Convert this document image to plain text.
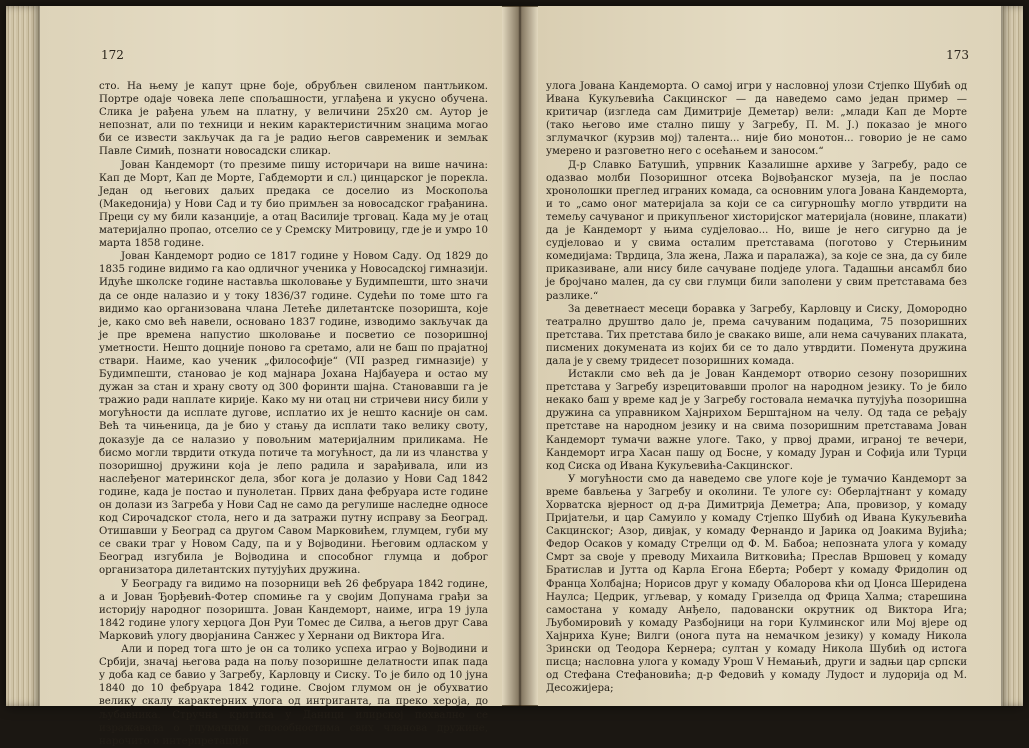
172

сто. На њему је капут црне боје, обрубљен свиленом пантљиком. Портре одаје човека лепе спољашности, углађена и укусно обучена. Слика је рађена уљем на платну, у величини 25x20 см. Аутор је непознат, али по техници и неким карактеристичним знацима могао би се извести закључак да га је радио његов савременик и земљак Павле Симић, познати новосадски сликар.

Јован Кандеморт (то презиме пишу историчари на више начина: Кап де Морт, Кап де Морте, Габдеморти и сл.) цинцарског је порекла. Један од његових даљих предака се доселио из Москопоља (Македонија) у Нови Сад и ту био примљен за новосадског грађанина. Преци су му били казанџије, а отац Василије трговац. Када му је отац материјално пропао, отселио се у Сремску Митровицу, где је и умро 10 марта 1858 године.

Јован Кандеморт родио се 1817 године у Новом Саду. Од 1829 до 1835 године видимо га као одличног ученика у Новосадској гимназији. Идуће школске године наставља школовање у Будимпешти, што значи да се онде налазио и у току 1836/37 године. Судећи по томе што га видимо као организована члана Летеће дилетантске позоришта, које је, како смо већ навели, основано 1837 године, изводимо закључак да је пре времена напустио школовање и посветио се позоришној уметности. Нешто доцније поново га сретамо, али не баш по прајатној ствари. Наиме, као ученик „философије“ (VII разред гимназије) у Будимпешти, становао је код мајнара Јохана Најбауера и остао му дужан за стан и храну своту од 300 форинти шајна. Становавши га је тражио ради наплате кирије. Како му ни отац ни стричеви нису били у могућности да исплате дугове, исплатио их је нешто касније он сам. Већ та чињеница, да је био у стању да исплати тако велику своту, доказује да се налазио у повољним материјалним приликама. Не бисмо могли тврдити откуда потиче та могућност, да ли из чланства у позоришној дружини која је лепо радила и зарађивала, или из наслеђеног материнског дела, због кога је долазио у Нови Сад 1842 године, када је постао и пунолетан. Првих дана фебруара исте године он долази из Загреба у Нови Сад не само да регулише наследне односе код Сирочадског стола, него и да затражи путну исправу за Београд. Отишавши у Београд са другом Савом Марковићем, глумцем, губи му се сваки траг у Новом Саду, па и у Војводини. Његовим одласком у Београд изгубила је Војводина и способног глумца и доброг организатора дилетантских путујућих дружина.

У Београду га видимо на позорници већ 26 фебруара 1842 године, а и Јован Ђорђевић-Фотер спомиње га у својим Допунама грађи за историју народног позоришта. Јован Кандеморт, наиме, игра 19 јула 1842 године улогу херцога Дон Руи Томес де Силва, а његов друг Сава Марковић улогу дворјанина Санжес у Хернани од Виктора Ига.

Али и поред тога што је он са толико успеха играо у Војводини и Србији, значај његова рада на пољу позоришне делатности ипак пада у доба кад се бавио у Загребу, Карловцу и Сиску. То је било од 10 јуна 1840 до 10 фебруара 1842 године. Својом глумом он је обухватио велику скалу карактерних улога од интриганта, па преко хероја, до љубавника. Стручна критика у Даници илирској похвално се изражавала о глумачким способностима свих чланова дружине, нарочито о интерпретацији

173

улога Јована Кандеморта. О самој игри у насловној улози Стјепко Шубић од Ивана Кукуљевића Сакцинског — да наведемо само један пример — критичар (изгледа сам Димитрије Деметар) вели: „млади Кап де Морте (тако његово име стално пишу у Загребу, П. М. Ј.) показао је много зглумачког (курзив мој) талента... није био монотон... говорио је не само умерено и разговетно него с осећањем и заносом.“

Д-р Славко Батушић, упрвник Казалишне архиве у Загребу, радо се одазвао молби Позоришног отсека Војвођанског музеја, па је послао хронолошки преглед играних комада, са основним улога Јована Кандеморта, и то „само оног материјала за који се са сигурношћу могло утврдити на темељу сачуваног и прикупљеног хисторијског материјала (новине, плакати) да је Кандеморт у њима судјеловао... Но, више је него сигурно да је судјеловао и у свима осталим претставама (поготово у Стерњиним комедијама: Тврдица, Зла жена, Лажа и паралажа), за које се зна, да су биле приказиване, али нису биле сачуване подједе улога. Тадашњи ансамбл био је бројчано мален, да су сви глумци били заполени у свим претставама без разлике.“

За деветнаест месеци боравка у Загребу, Карловцу и Сиску, Домородно театрално друштво дало је, према сачуваним подацима, 75 позоришних претстава. Тих претстава било је свакако више, али нема сачуваних плаката, писмених докумената из којих би се то дало утврдити. Поменута дружина дала је у свему тридесет позоришних комада.

Истакли смо већ да је Јован Кандеморт отворио сезону позоришних претстава у Загребу изрецитовавши пролог на народном језику. То је било некако баш у време кад је у Загребу гостовала немачка путујућа позоришна дружина са управником Хајнрихом Берштајном на челу. Од тада се ређају претставе на народном језику и на свима позоришним претставама Јован Кандеморт тумачи важне улоге. Тако, у првој драми, играној те вечери, Кандеморт игра Хасан пашу од Босне, у комаду Јуран и Софија или Турци код Сиска од Ивана Кукуљевића-Сакцинског.

У могућности смо да наведемо све улоге које је тумачио Кандеморт за време бављења у Загребу и околини. Те улоге су: Оберлајтнант у комаду Хорватска вјерност од д-ра Димитрија Деметра; Апа, провизор, у комаду Пријатељи, и цар Самуило у комаду Стјепко Шубић од Ивана Кукуљевића Сакцинског; Азор, дивјак, у комаду Фернандо и Јарика од Јоакима Вујића; Федор Осаков у комаду Стрелци од Ф. М. Бабоа; непозната улога у комаду Смрт за своје у преводу Михаила Витковића; Преслав Вршовец у комаду Братислав и Јутта од Карла Егона Еберта; Роберт у комаду Фридолин од Франца Холбајна; Норисов друг у комаду Обалорова кћи од Џонса Шеридена Наулса; Цедрик, угљевар, у комаду Гризелда од Фрица Халма; старешина самостана у комаду Анђело, падовански окрутник од Виктора Ига; Љубомировић у комаду Разбојници на гори Кулминског или Мој вјере од Хајнриха Куне; Вилги (онога пута на немачком језику) у комаду Никола Зрински од Теодора Кернера; султан у комаду Никола Шубић од истога писца; насловна улога у комаду Урош V Немањић, други и задњи цар српски од Стефана Стефановића; д-р Федовић у комаду Лудост и лудорија од М. Десожијера;
